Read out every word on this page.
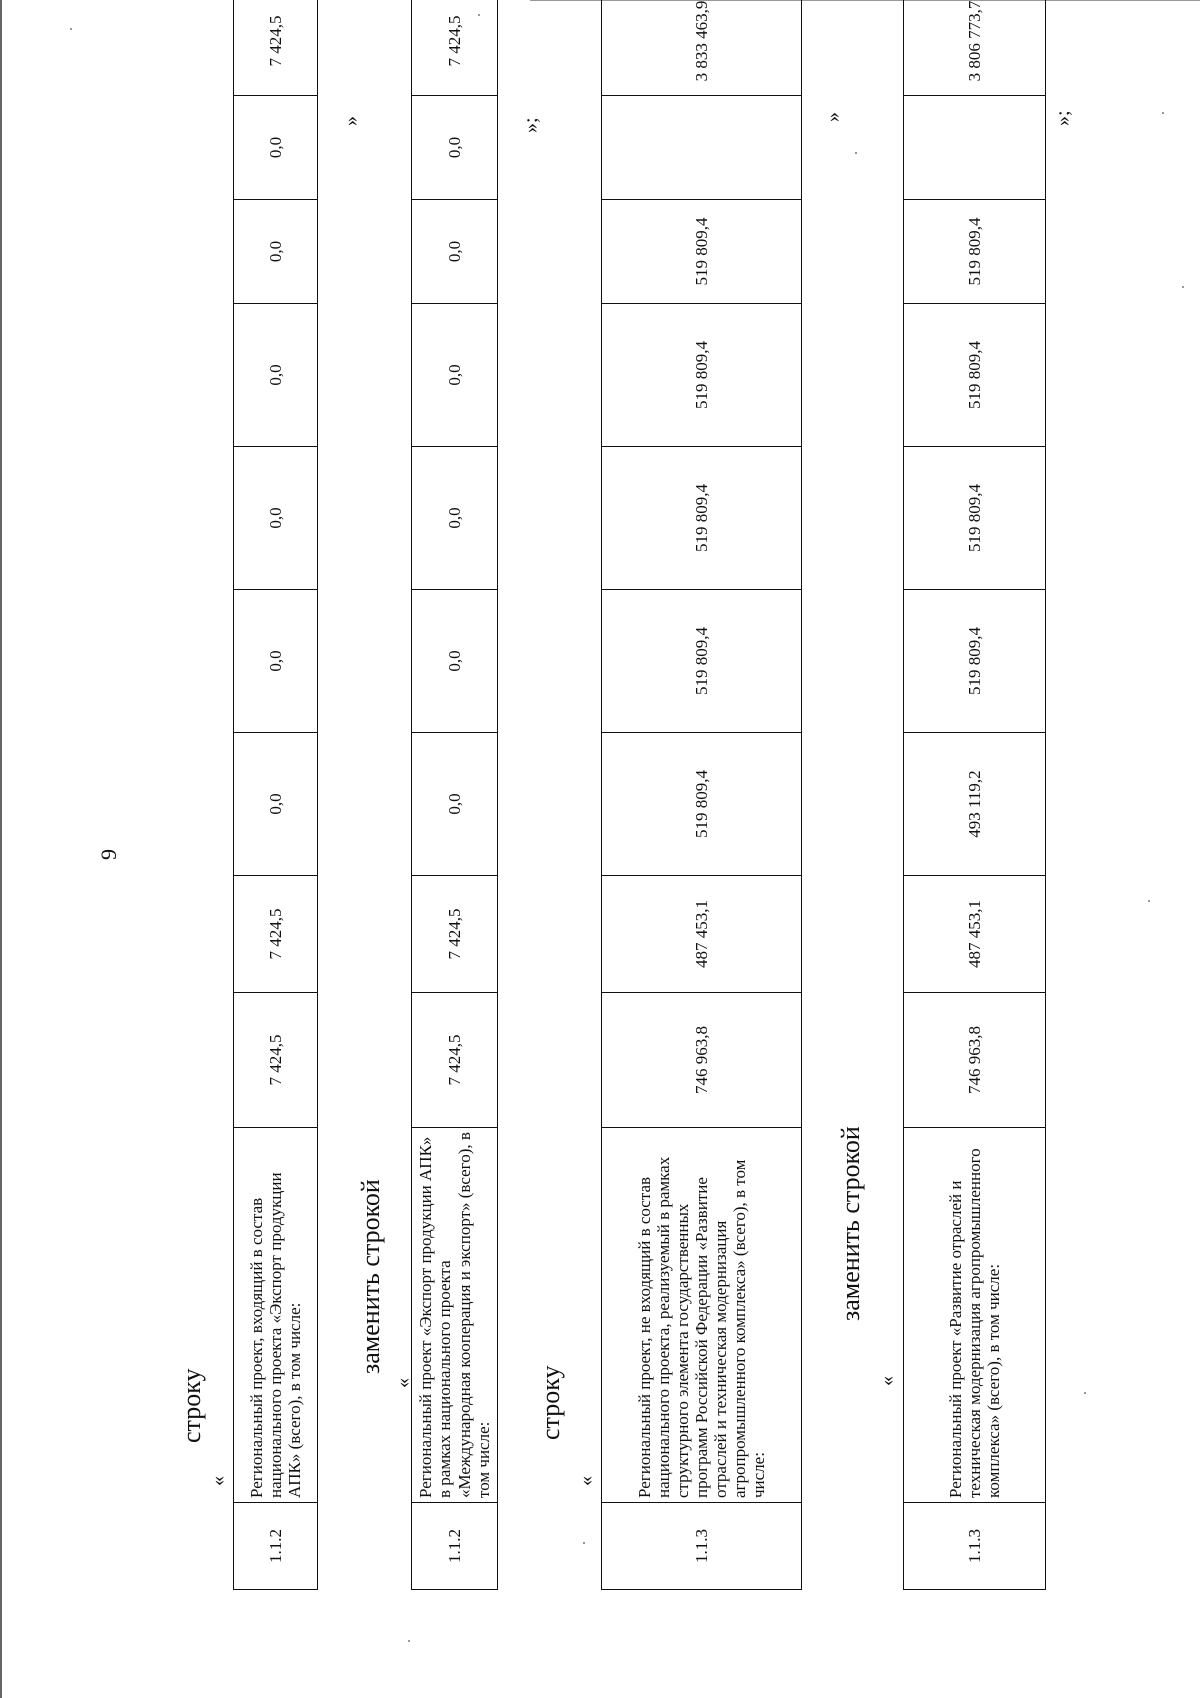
9
строку
«
1.1.2	Региональный проект, входящий в состав национального проекта «Экспорт продукции АПК» (всего), в том числе:	7 424,5	7 424,5	0,0	0,0	0,0	0,0	0,0	0,0	7 424,5
»
заменить строкой
«
1.1.2	Региональный проект «Экспорт продукции АПК» в рамках национального проекта «Международная кооперация и экспорт» (всего), в том числе:	7 424,5	7 424,5	0,0	0,0	0,0	0,0	0,0	0,0	7 424,5
»;
строку
«
1.1.3	Региональный проект, не входящий в состав национального проекта, реализуемый в рамках структурного элемента государственных программ Российской Федерации «Развитие отраслей и техническая модернизация агропромышленного комплекса» (всего), в том числе:	746 963,8	487 453,1	519 809,4	519 809,4	519 809,4	519 809,4	519 809,4		3 833 463,9
»
заменить строкой
«
1.1.3	Региональный проект «Развитие отраслей и техническая модернизация агропромышленного комплекса» (всего), в том числе:	746 963,8	487 453,1	493 119,2	519 809,4	519 809,4	519 809,4	519 809,4		3 806 773,7
»;
